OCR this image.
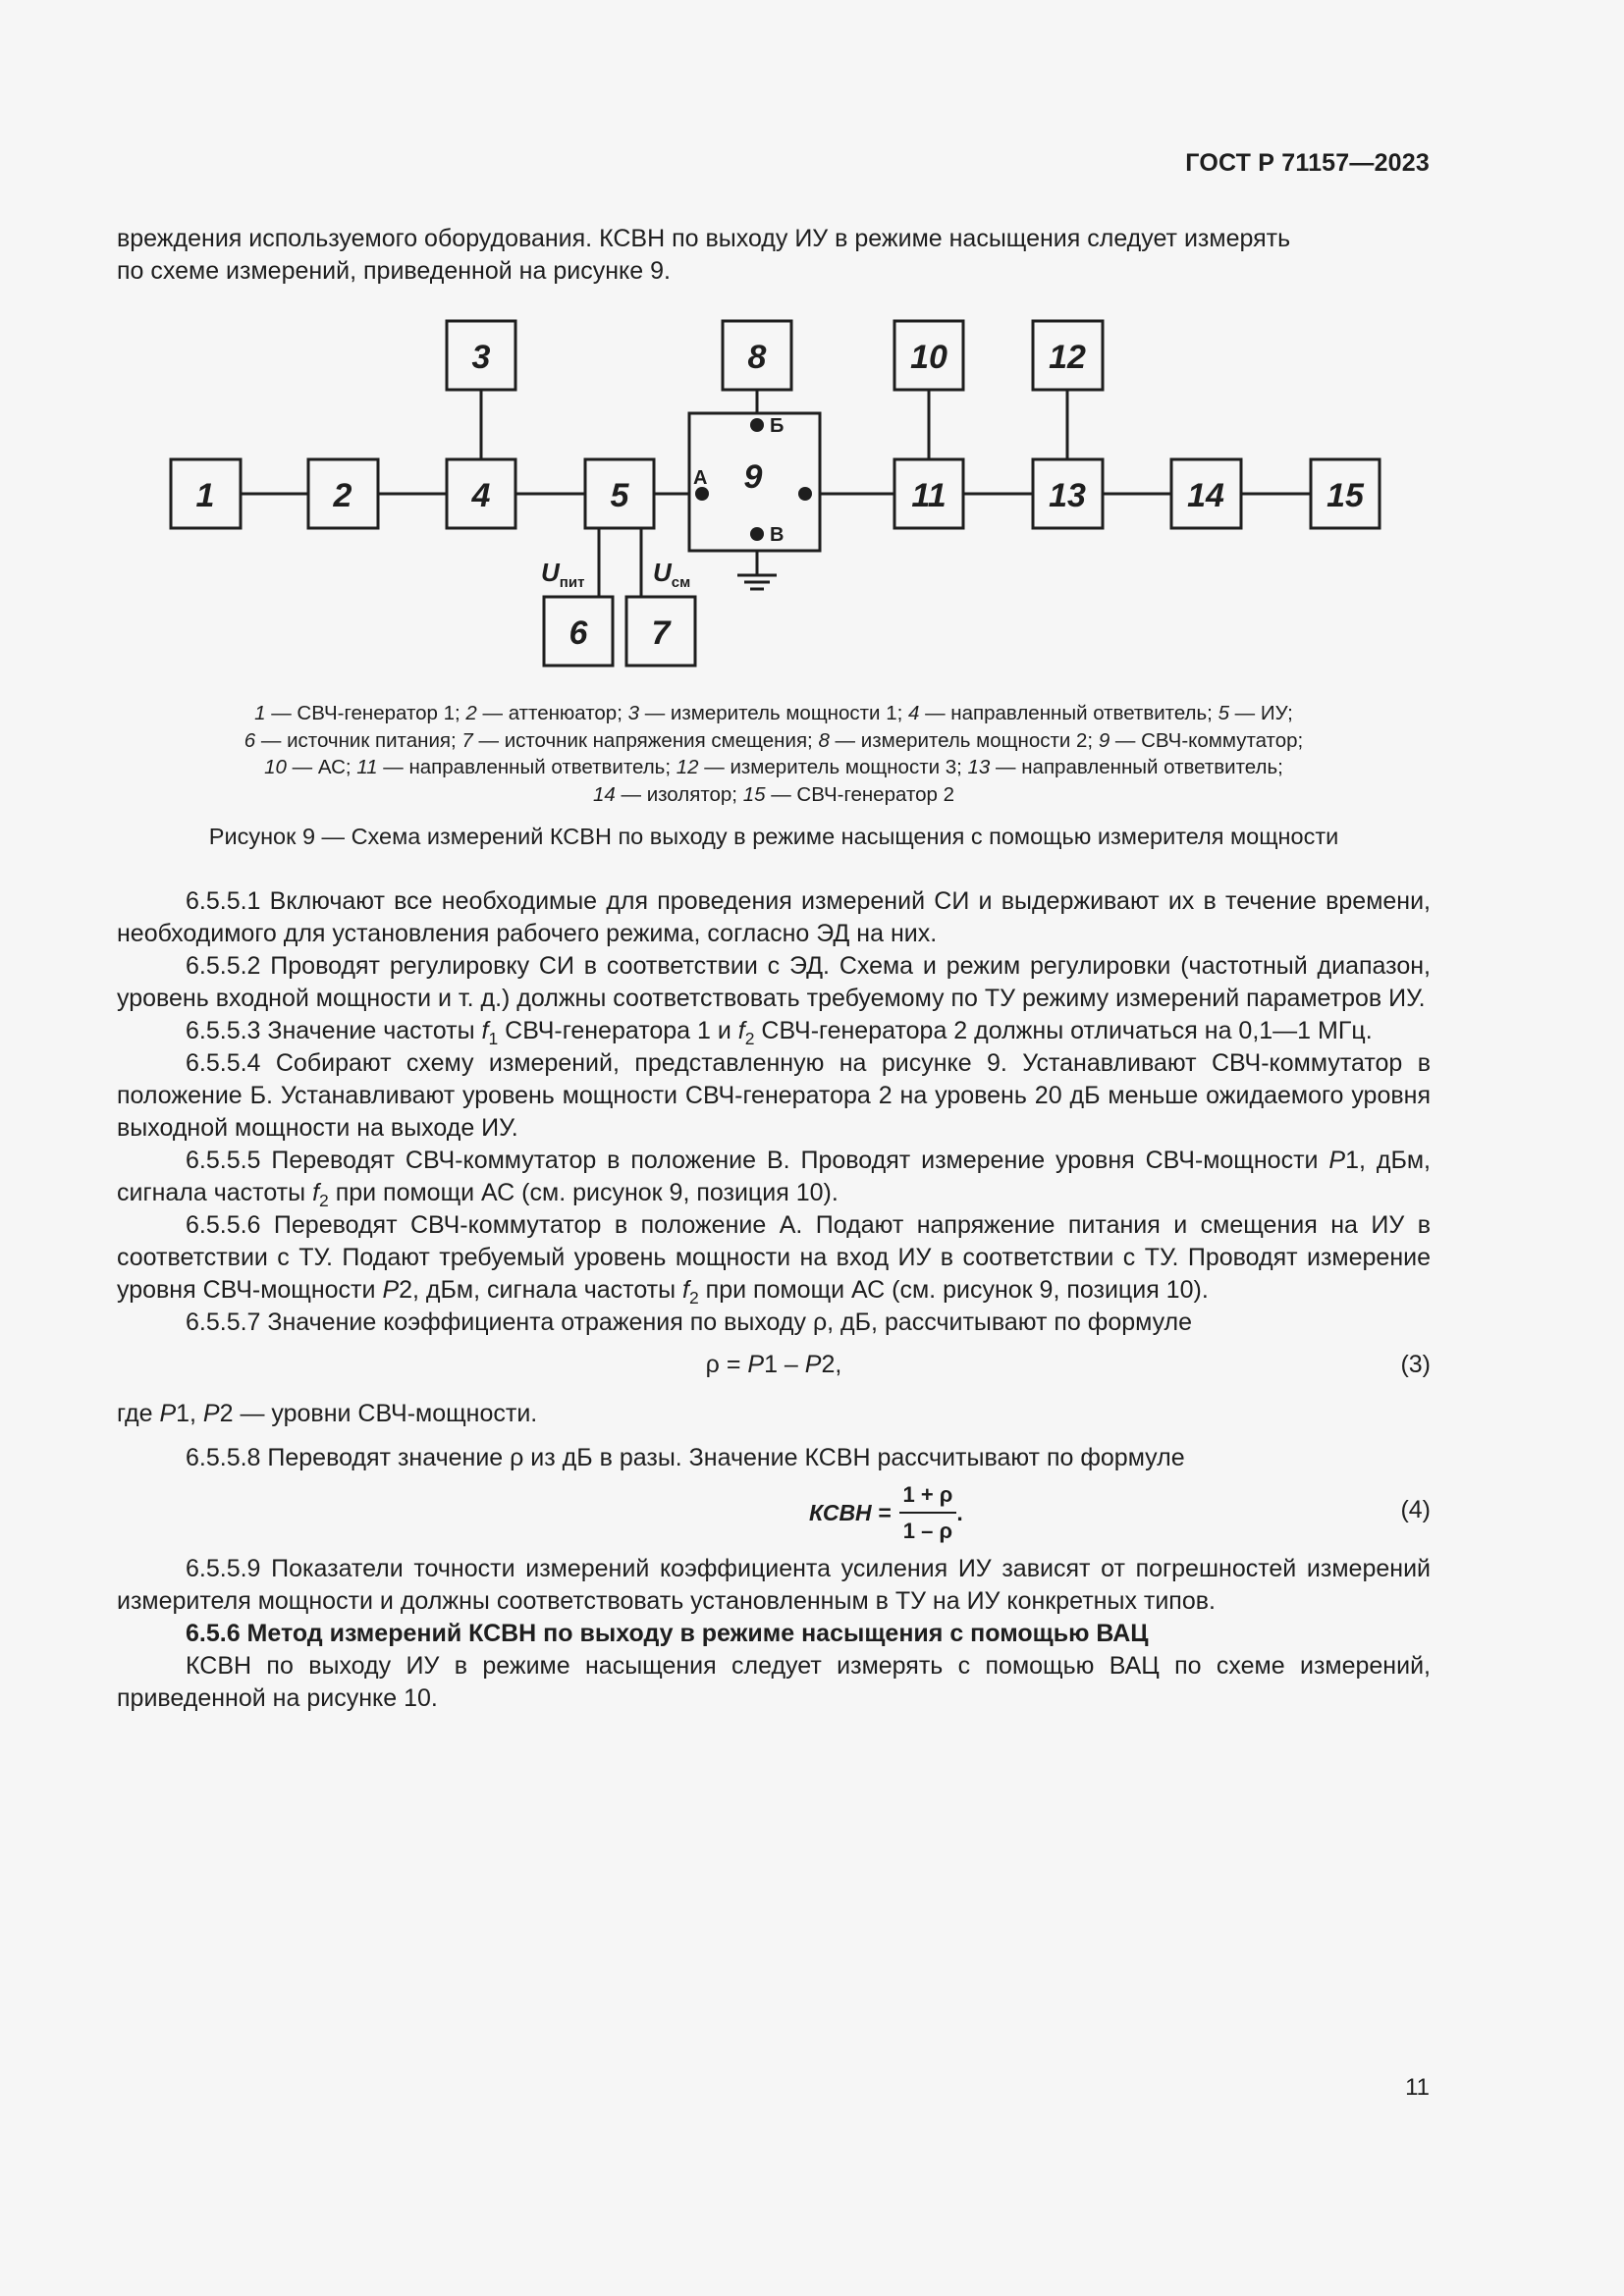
ГОСТ Р 71157—2023

вреждения используемого оборудования. КСВН по выходу ИУ в режиме насыщения следует измерять

по схеме измерений, приведенной на рисунке 9.

1	2
3
4	5
6 7
8
9
10
11
12
13	14	15
А
Б
В
$U_{пит}$	$U_{см}$
1 — СВЧ-генератор 1; 2 — аттенюатор; 3 — измеритель мощности 1; 4 — направленный ответвитель; 5 — ИУ;
6 — источник питания; 7 — источник напряжения смещения; 8 — измеритель мощности 2; 9 — СВЧ-коммутатор;
10 — АС; 11 — направленный ответвитель; 12 — измеритель мощности 3; 13 — направленный ответвитель;
14 — изолятор; 15 — СВЧ-генератор 2
Рисунок 9 — Схема измерений КСВН по выходу в режиме насыщения с помощью измерителя мощности

6.5.5.1 Включают все необходимые для проведения измерений СИ и выдерживают их в течение времени, необходимого для установления рабочего режима, согласно ЭД на них.

6.5.5.2 Проводят регулировку СИ в соответствии с ЭД. Схема и режим регулировки (частотный диапазон, уровень входной мощности и т. д.) должны соответствовать требуемому по ТУ режиму измерений параметров ИУ.

6.5.5.3 Значение частоты $f_1$ СВЧ-генератора 1 и $f_2$ СВЧ-генератора 2 должны отличаться на 0,1—1 МГц.

6.5.5.4 Собирают схему измерений, представленную на рисунке 9. Устанавливают СВЧ-коммутатор в положение Б. Устанавливают уровень мощности СВЧ-генератора 2 на уровень 20 дБ меньше ожидаемого уровня выходной мощности на выходе ИУ.

6.5.5.5 Переводят СВЧ-коммутатор в положение В. Проводят измерение уровня СВЧ-мощности P1, дБм, сигнала частоты $f_2$ при помощи АС (см. рисунок 9, позиция 10).

6.5.5.6 Переводят СВЧ-коммутатор в положение А. Подают напряжение питания и смещения на ИУ в соответствии с ТУ. Подают требуемый уровень мощности на вход ИУ в соответствии с ТУ. Проводят измерение уровня СВЧ-мощности P2, дБм, сигнала частоты $f_2$ при помощи АС (см. рисунок 9, позиция 10).

6.5.5.7 Значение коэффициента отражения по выходу ρ, дБ, рассчитывают по формуле

ρ = P1 – P2,	(3)

где P1, P2 — уровни СВЧ-мощности.

6.5.5.8 Переводят значение ρ из дБ в разы. Значение КСВН рассчитывают по формуле

КСВН = $\frac{1 + \rho}{1 - \rho}$ .	(4)

6.5.5.9 Показатели точности измерений коэффициента усиления ИУ зависят от погрешностей измерений измерителя мощности и должны соответствовать установленным в ТУ на ИУ конкретных типов.

6.5.6 Метод измерений КСВН по выходу в режиме насыщения с помощью ВАЦ

КСВН по выходу ИУ в режиме насыщения следует измерять с помощью ВАЦ по схеме измерений, приведенной на рисунке 10.

11
